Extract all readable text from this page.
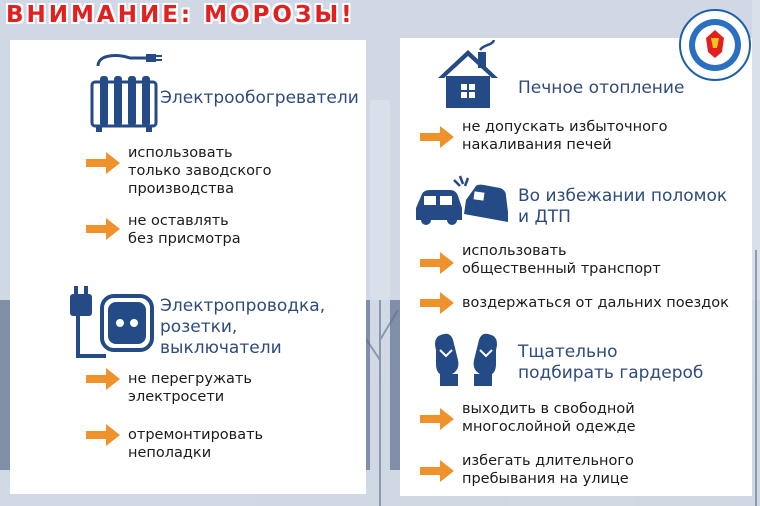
ВНИМАНИЕ: МОРОЗЫ!
Электрообогреватели
использовать
только заводского
производства
не оставлять
без присмотра
Электропроводка,
розетки,
выключатели
не перегружать
электросети
отремонтировать
неполадки
Печное отопление
не допускать избыточного
накаливания печей
Во избежании поломок
и ДТП
использовать
общественный транспорт
воздержаться от дальних поездок
Тщательно
подбирать гардероб
выходить в свободной
многослойной одежде
избегать длительного
пребывания на улице
